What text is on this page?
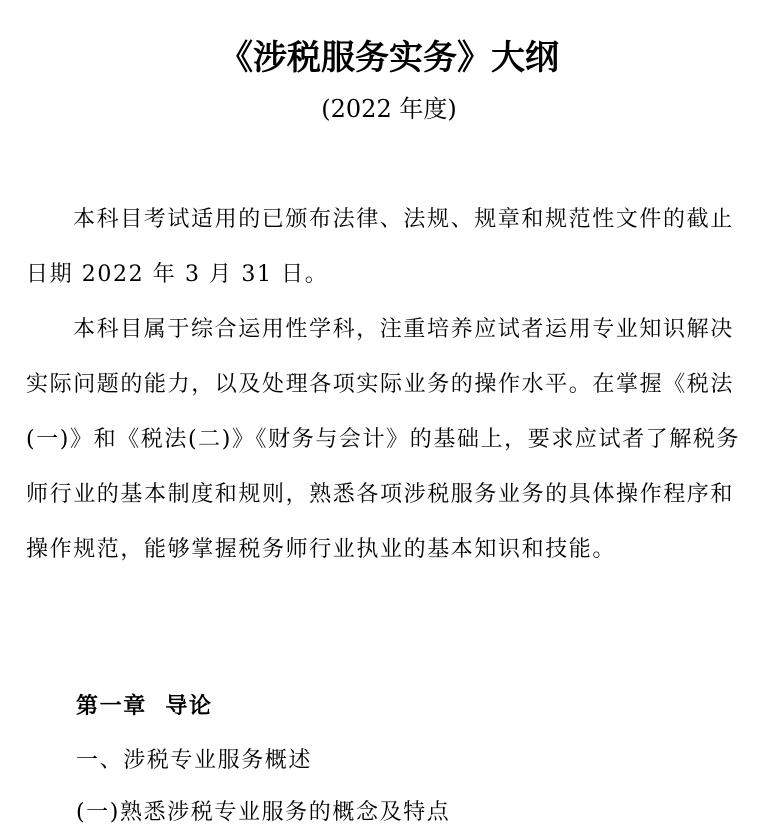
《涉税服务实务》大纲
(2022 年度)

本科目考试适用的已颁布法律、法规、规章和规范性文件的截止日期 2022 年 3 月 31 日。

本科目属于综合运用性学科，注重培养应试者运用专业知识解决实际问题的能力，以及处理各项实际业务的操作水平。在掌握《税法(一)》和《税法(二)》《财务与会计》的基础上，要求应试者了解税务师行业的基本制度和规则，熟悉各项涉税服务业务的具体操作程序和操作规范，能够掌握税务师行业执业的基本知识和技能。

第一章  导论
一、涉税专业服务概述
(一)熟悉涉税专业服务的概念及特点
